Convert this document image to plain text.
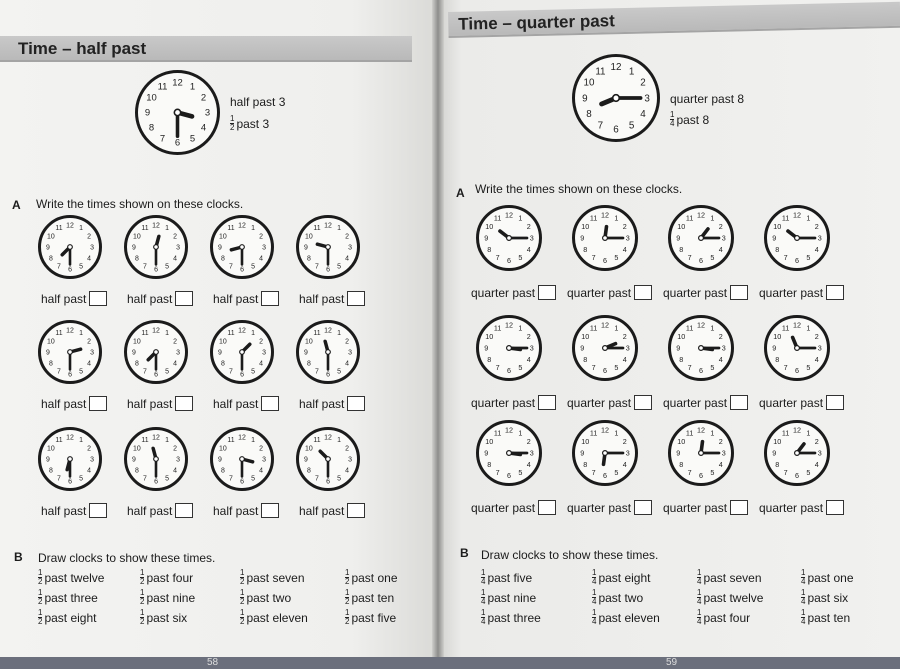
Time – half past
12 1
2
3
4
5
6
7
8
9
10
11
half past 3
$\frac{1}{2}$ past 3
A Write the times shown on these clocks.
B Draw clocks to show these times.
58
Time – quarter past
12 1
2
3
4
5
6
7
8
9
10
11
quarter past 8
$\frac{1}{4}$ past 8
A Write the times shown on these clocks.
B Draw clocks to show these times.
59
12 1
2
3
4
5
6
7
8
9
10
11
half past
12 1
2
3
4
5
6
7
8
9
10
11
half past
12 1
2
3
4
5
6
7
8
9
10
11
half past
12 1
2
3
4
5
6
7
8
9
10
11
half past
12 1
2
3
4
5
6
7
8
9
10
11
half past
12 1
2
3
4
5
6
7
8
9
10
11
half past
12 1
2
3
4
5
6
7
8
9
10
11
half past
12 1
2
3
4
5
6
7
8
9
10
11
half past
12 1
2
3
4
5
6
7
8
9
10
11
half past
12 1
2
3
4
5
6
7
8
9
10
11
half past
12 1
2
3
4
5
6
7
8
9
10
11
half past
12 1
2
3
4
5
6
7
8
9
10
11
half past
12 1
2
3
4
5
6
7
8
9
10
11
quarter past
12 1
2
3
4
5
6
7
8
9
10
11
quarter past
12 1
2
3
4
5
6
7
8
9
10
11
quarter past
12 1
2
3
4
5
6
7
8
9
10
11
quarter past
12 1
2
3
4
5
6
7
8
9
10
11
quarter past
12 1
2
3
4
5
6
7
8
9
10
11
quarter past
12 1
2
3
4
5
6
7
8
9
10
11
quarter past
12 1
2
3
4
5
6
7
8
9
10
11
quarter past
12 1
2
3
4
5
6
7
8
9
10
11
quarter past
12 1
2
3
4
5
6
7
8
9
10
11
quarter past
12 1
2
3
4
5
6
7
8
9
10
11
quarter past
12 1
2
3
4
5
6
7
8
9
10
11
quarter past
$\frac{1}{2}$ past twelve
$\frac{1}{2}$ past three
$\frac{1}{2}$ past eight
$\frac{1}{2}$ past four
$\frac{1}{2}$ past nine
$\frac{1}{2}$ past six
$\frac{1}{2}$ past seven
$\frac{1}{2}$ past two
$\frac{1}{2}$ past eleven
$\frac{1}{2}$ past one
$\frac{1}{2}$ past ten
$\frac{1}{2}$ past five
$\frac{1}{4}$ past five
$\frac{1}{4}$ past nine
$\frac{1}{4}$ past three
$\frac{1}{4}$ past eight
$\frac{1}{4}$ past two
$\frac{1}{4}$ past eleven
$\frac{1}{4}$ past seven
$\frac{1}{4}$ past twelve
$\frac{1}{4}$ past four
$\frac{1}{4}$ past one
$\frac{1}{4}$ past six
$\frac{1}{4}$ past ten
